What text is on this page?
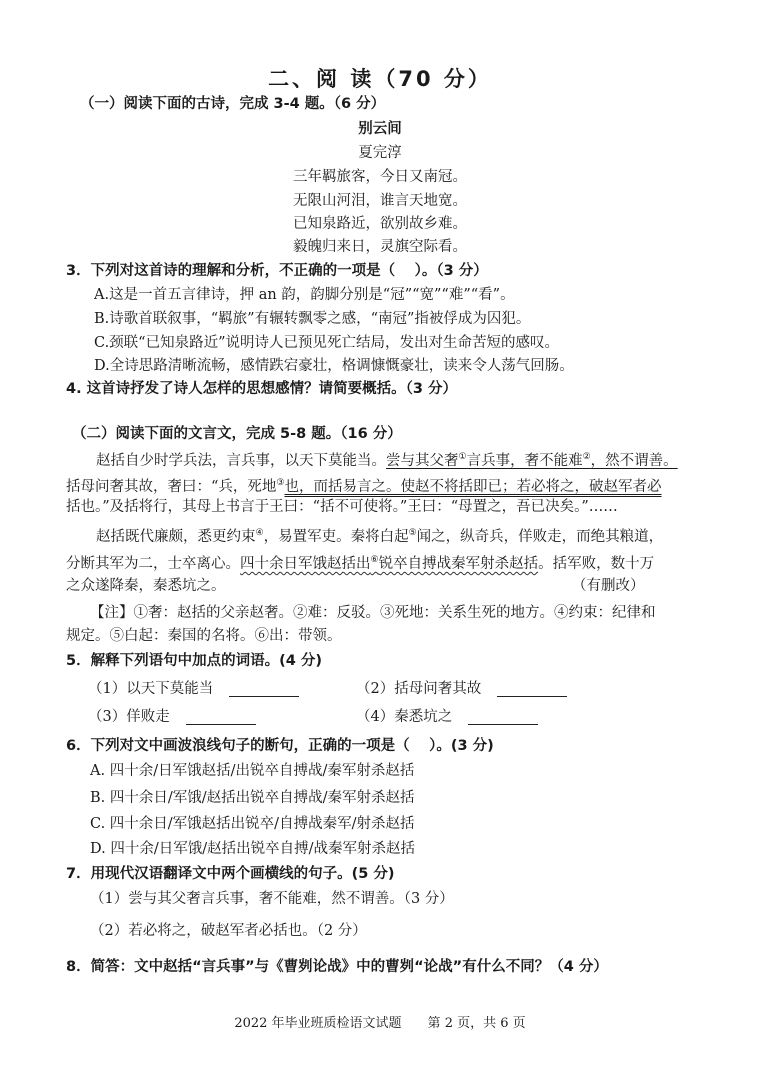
二、阅 读（70 分）
（一）阅读下面的古诗，完成 3-4 题。（6 分）
别云间
夏完淳
三年羁旅客，今日又南冠。
无限山河泪，谁言天地宽。
已知泉路近，欲别故乡难。
毅魄归来日，灵旗空际看。
3．下列对这首诗的理解和分析，不正确的一项是（　 ）。（3 分）
A.这是一首五言律诗，押 an 韵，韵脚分别是“冠”“宽”“难”“看”。
B.诗歌首联叙事，“羁旅”有辗转飘零之感，“南冠”指被俘成为囚犯。
C.颈联“已知泉路近”说明诗人已预见死亡结局，发出对生命苦短的感叹。
D.全诗思路清晰流畅，感情跌宕豪壮，格调慷慨豪壮，读来令人荡气回肠。
4. 这首诗抒发了诗人怎样的思想感情？请简要概括。（3 分）
（二）阅读下面的文言文，完成 5-8 题。（16 分）
赵括自少时学兵法，言兵事，以天下莫能当。尝与其父奢①言兵事，奢不能难②，然不谓善。
括母问奢其故，奢曰：“兵，死地③也，而括易言之。使赵不将括即已；若必将之，破赵军者必
括也。”及括将行，其母上书言于王曰：“括不可使将。”王曰：“母置之，吾已决矣。”……
赵括既代廉颇，悉更约束④，易置军吏。秦将白起⑤闻之，纵奇兵，佯败走，而绝其粮道，
分断其军为二，士卒离心。四十余日军饿赵括出⑥锐卒自搏战秦军射杀赵括。括军败，数十万
之众遂降秦，秦悉坑之。	（有删改）
【注】①奢：赵括的父亲赵奢。②难：反驳。③死地：关系生死的地方。④约束：纪律和
规定。⑤白起：秦国的名将。⑥出：带领。
5．解释下列语句中加点的词语。(4 分)
（1）以天下莫能当	（2）括母问奢其故
（3）佯败走	（4）秦悉坑之
6．下列对文中画波浪线句子的断句，正确的一项是（　 ）。(3 分)
A. 四十余/日军饿赵括/出锐卒自搏战/秦军射杀赵括
B. 四十余日/军饿/赵括出锐卒自搏战/秦军射杀赵括
C. 四十余日/军饿赵括出锐卒/自搏战秦军/射杀赵括
D. 四十余/日军饿/赵括出锐卒自搏/战秦军射杀赵括
7．用现代汉语翻译文中两个画横线的句子。(5 分)
（1）尝与其父奢言兵事，奢不能难，然不谓善。（3 分）
（2）若必将之，破赵军者必括也。（2 分）
8．简答：文中赵括“言兵事”与《曹刿论战》中的曹刿“论战”有什么不同？（4 分）
2022 年毕业班质检语文试题　　第 2 页，共 6 页
